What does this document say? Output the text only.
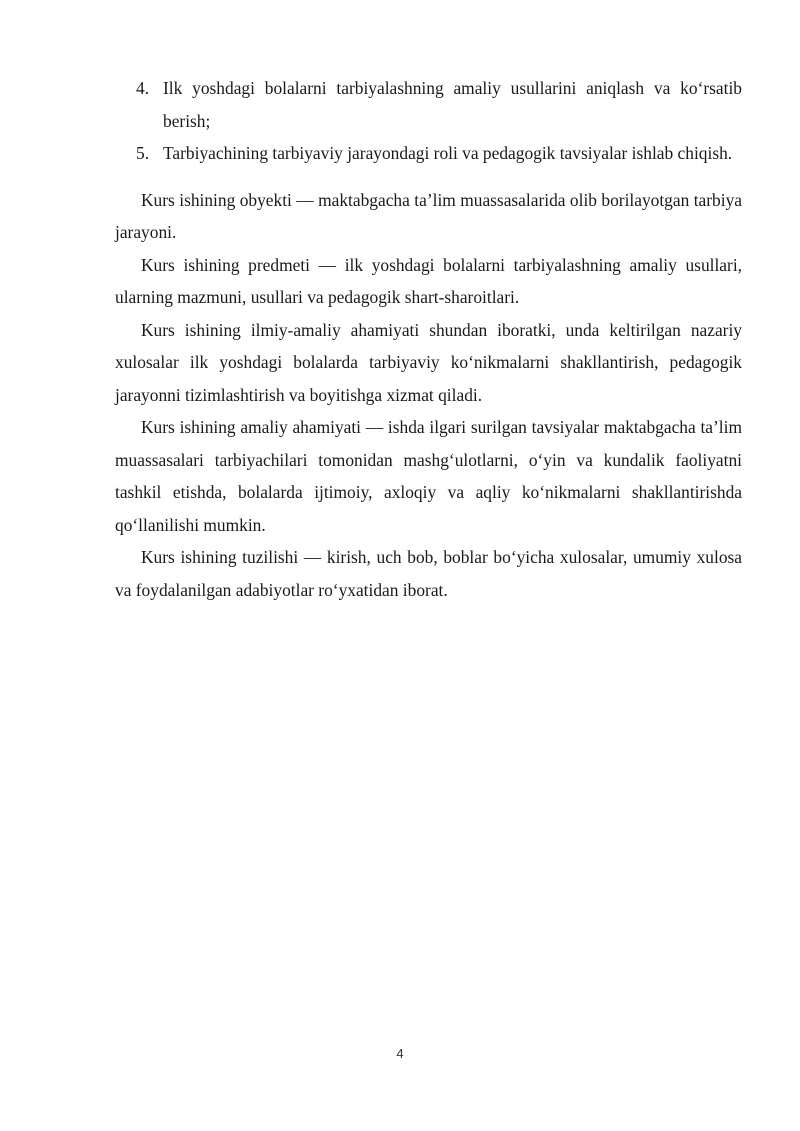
4. Ilk yoshdagi bolalarni tarbiyalashning amaliy usullarini aniqlash va ko‘rsatib berish;
5. Tarbiyachining tarbiyaviy jarayondagi roli va pedagogik tavsiyalar ishlab chiqish.

Kurs ishining obyekti — maktabgacha ta’lim muassasalarida olib borilayotgan tarbiya jarayoni.

Kurs ishining predmeti — ilk yoshdagi bolalarni tarbiyalashning amaliy usullari, ularning mazmuni, usullari va pedagogik shart-sharoitlari.

Kurs ishining ilmiy-amaliy ahamiyati shundan iboratki, unda keltirilgan nazariy xulosalar ilk yoshdagi bolalarda tarbiyaviy ko‘nikmalarni shakllantirish, pedagogik jarayonni tizimlashtirish va boyitishga xizmat qiladi.

Kurs ishining amaliy ahamiyati — ishda ilgari surilgan tavsiyalar maktabgacha ta’lim muassasalari tarbiyachilari tomonidan mashg‘ulotlarni, o‘yin va kundalik faoliyatni tashkil etishda, bolalarda ijtimoiy, axloqiy va aqliy ko‘nikmalarni shakllantirishda qo‘llanilishi mumkin.

Kurs ishining tuzilishi — kirish, uch bob, boblar bo‘yicha xulosalar, umumiy xulosa va foydalanilgan adabiyotlar ro‘yxatidan iborat.

4
